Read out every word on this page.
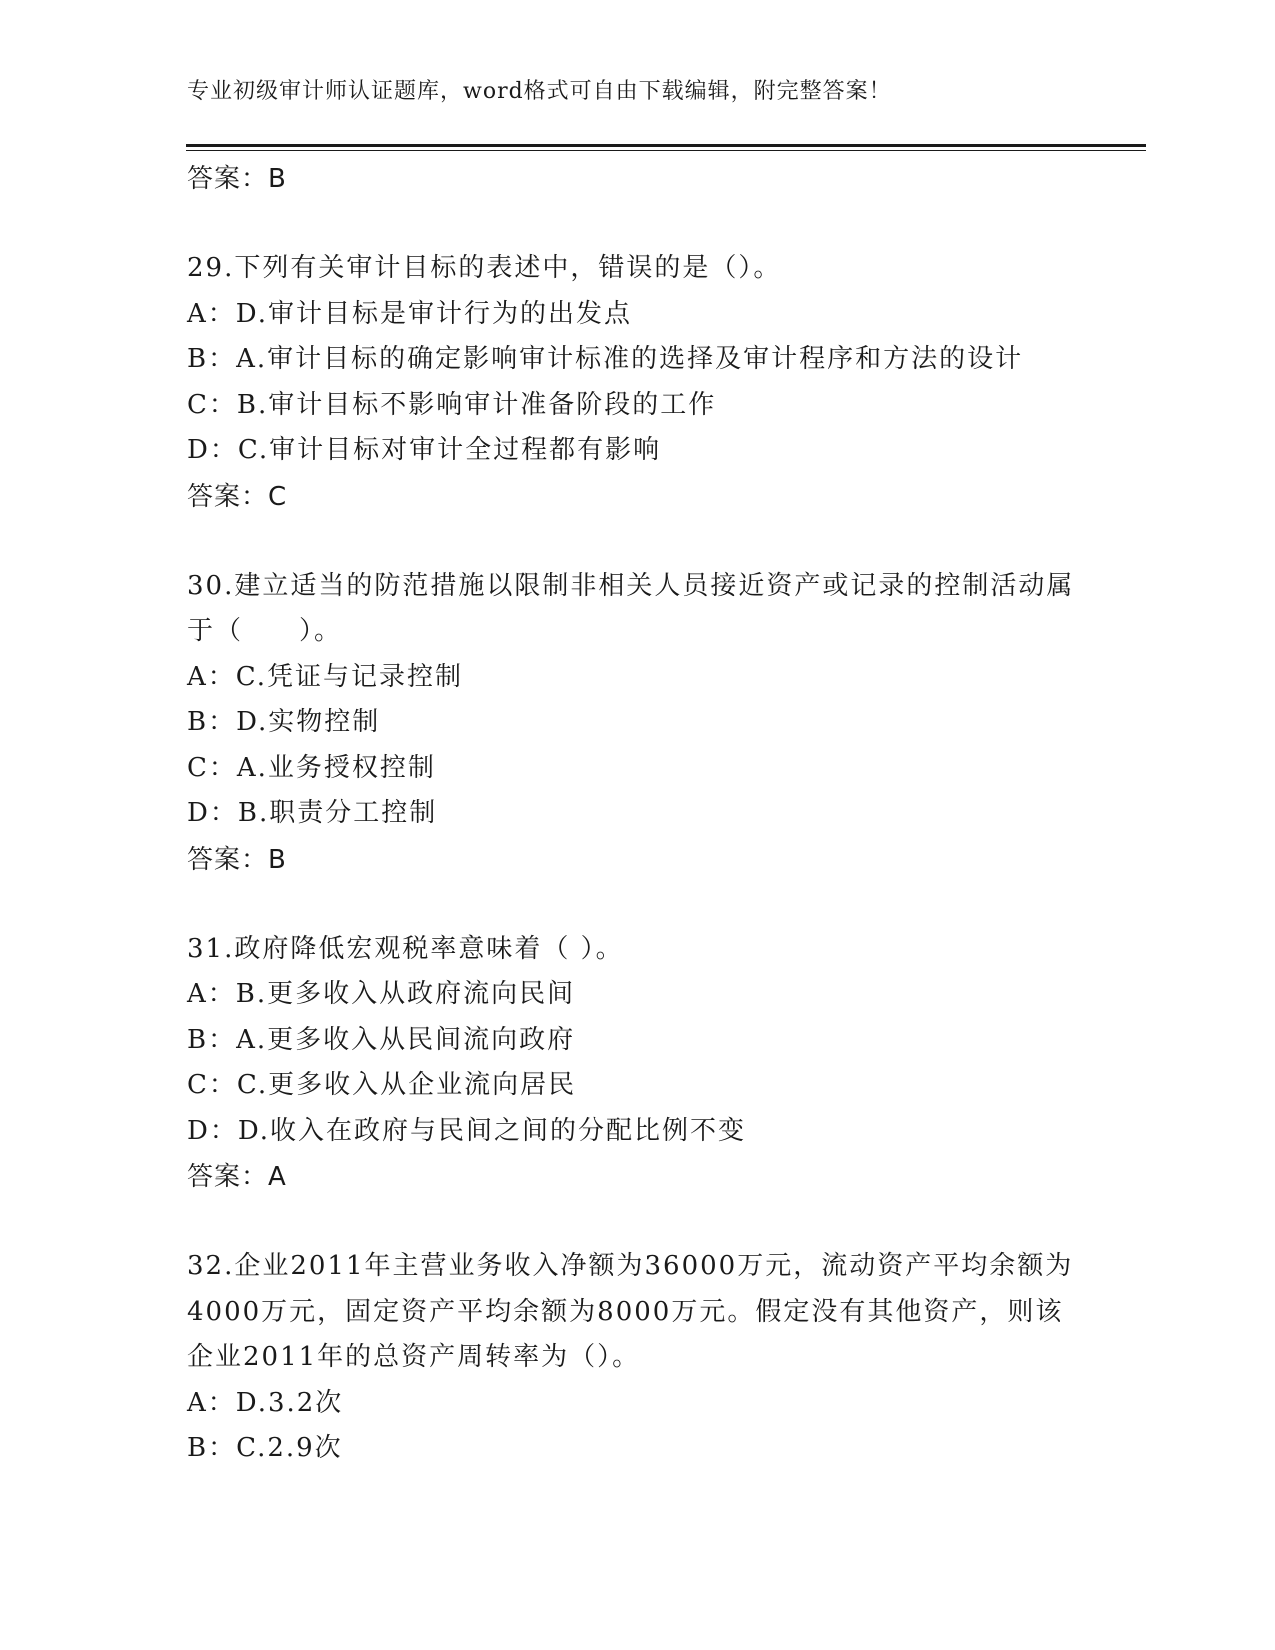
专业初级审计师认证题库，word格式可自由下载编辑，附完整答案！
答案：B
29.下列有关审计目标的表述中，错误的是（）。
A：D.审计目标是审计行为的出发点
B：A.审计目标的确定影响审计标准的选择及审计程序和方法的设计
C：B.审计目标不影响审计准备阶段的工作
D：C.审计目标对审计全过程都有影响
答案：C
30.建立适当的防范措施以限制非相关人员接近资产或记录的控制活动属于（　　）。
A：C.凭证与记录控制
B：D.实物控制
C：A.业务授权控制
D：B.职责分工控制
答案：B
31.政府降低宏观税率意味着（ ）。
A：B.更多收入从政府流向民间
B：A.更多收入从民间流向政府
C：C.更多收入从企业流向居民
D：D.收入在政府与民间之间的分配比例不变
答案：A
32.企业2011年主营业务收入净额为36000万元，流动资产平均余额为4000万元，固定资产平均余额为8000万元。假定没有其他资产，则该企业2011年的总资产周转率为（）。
A：D.3.2次
B：C.2.9次
